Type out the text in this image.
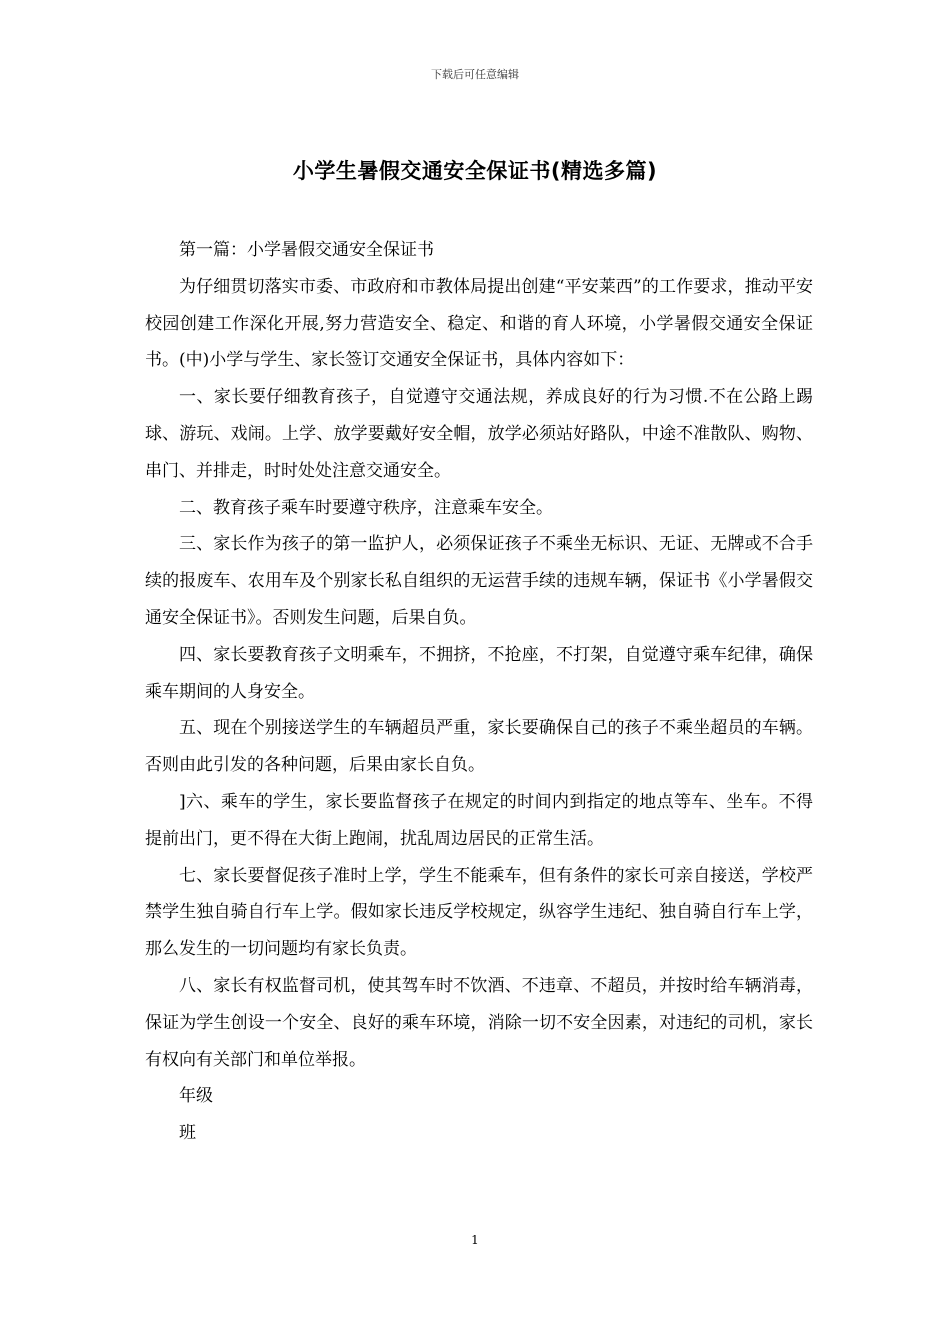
下载后可任意编辑
小学生暑假交通安全保证书(精选多篇)

第一篇：小学暑假交通安全保证书

为仔细贯切落实市委、市政府和市教体局提出创建“平安莱西”的工作要求，推动平安校园创建工作深化开展,努力营造安全、稳定、和谐的育人环境，小学暑假交通安全保证书。(中)小学与学生、家长签订交通安全保证书，具体内容如下：

一、家长要仔细教育孩子，自觉遵守交通法规，养成良好的行为习惯.不在公路上踢球、游玩、戏闹。上学、放学要戴好安全帽，放学必须站好路队，中途不准散队、购物、串门、并排走，时时处处注意交通安全。

二、教育孩子乘车时要遵守秩序，注意乘车安全。

三、家长作为孩子的第一监护人，必须保证孩子不乘坐无标识、无证、无牌或不合手续的报废车、农用车及个别家长私自组织的无运营手续的违规车辆，保证书《小学暑假交通安全保证书》。否则发生问题，后果自负。

四、家长要教育孩子文明乘车，不拥挤，不抢座，不打架，自觉遵守乘车纪律，确保乘车期间的人身安全。

五、现在个别接送学生的车辆超员严重，家长要确保自己的孩子不乘坐超员的车辆。否则由此引发的各种问题，后果由家长自负。

]六、乘车的学生，家长要监督孩子在规定的时间内到指定的地点等车、坐车。不得提前出门，更不得在大街上跑闹，扰乱周边居民的正常生活。

七、家长要督促孩子准时上学，学生不能乘车，但有条件的家长可亲自接送，学校严禁学生独自骑自行车上学。假如家长违反学校规定，纵容学生违纪、独自骑自行车上学，那么发生的一切问题均有家长负责。

八、家长有权监督司机，使其驾车时不饮酒、不违章、不超员，并按时给车辆消毒，保证为学生创设一个安全、良好的乘车环境，消除一切不安全因素，对违纪的司机，家长有权向有关部门和单位举报。

年级

班

1
